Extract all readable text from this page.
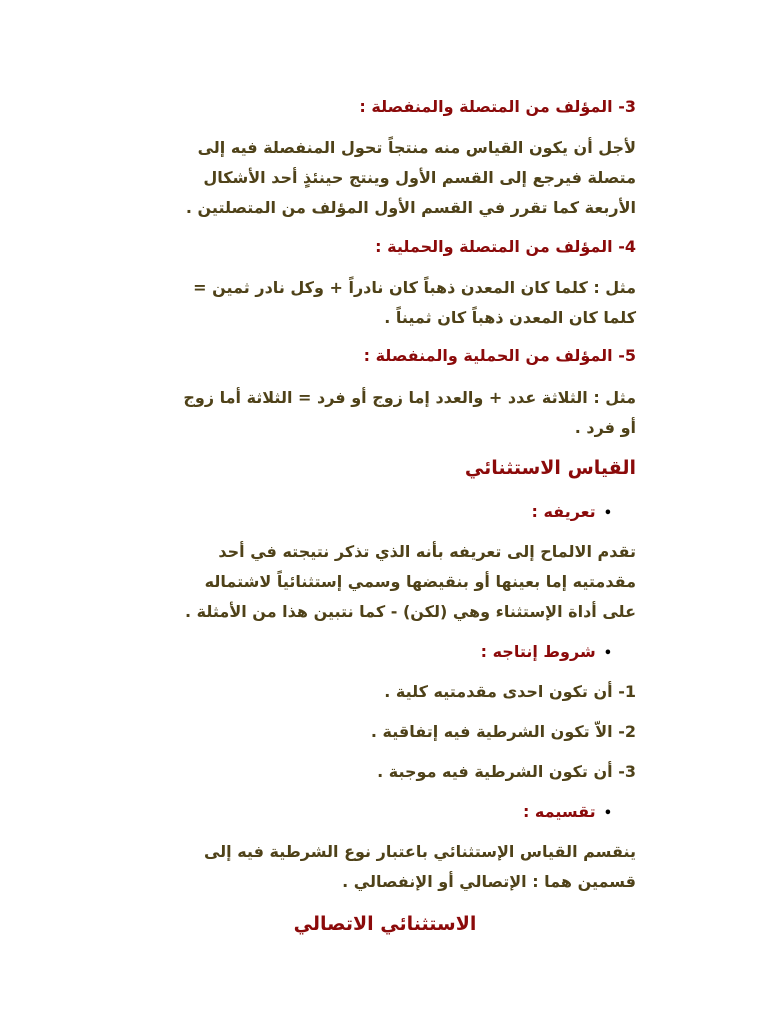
3- المؤلف من المتصلة والمنفصلة :
لأجل أن يكون القياس منه منتجاً تحول المنفصلة فيه إلى
متصلة فيرجع إلى القسم الأول وينتج حينئذٍ أحد الأشكال
الأربعة كما تقرر في القسم الأول المؤلف من المتصلتين .
4- المؤلف من المتصلة والحملية :
مثل : كلما كان المعدن ذهباً كان نادراً + وكل نادر ثمين =
كلما كان المعدن ذهباً كان ثميناً .
5- المؤلف من الحملية والمنفصلة :
مثل : الثلاثة عدد + والعدد إما زوج أو فرد = الثلاثة أما زوج
أو فرد .
القياس الاستثنائي
•تعريفه :
تقدم الالماح إلى تعريفه بأنه الذي تذكر نتيجته في أحد
مقدمتيه إما بعينها أو بنقيضها وسمي إستثنائياً لاشتماله
على أداة الإستثناء وهي (لكن) - كما نتبين هذا من الأمثلة .
•شروط إنتاجه :
1- أن تكون احدى مقدمتيه كلية .
2- الاّ تكون الشرطية فيه إتفاقية .
3- أن تكون الشرطية فيه موجبة .
•تقسيمه :
ينقسم القياس الإستثنائي باعتبار نوع الشرطية فيه إلى
قسمين هما : الإتصالي أو الإنفصالي .
الاستثنائي الاتصالي
